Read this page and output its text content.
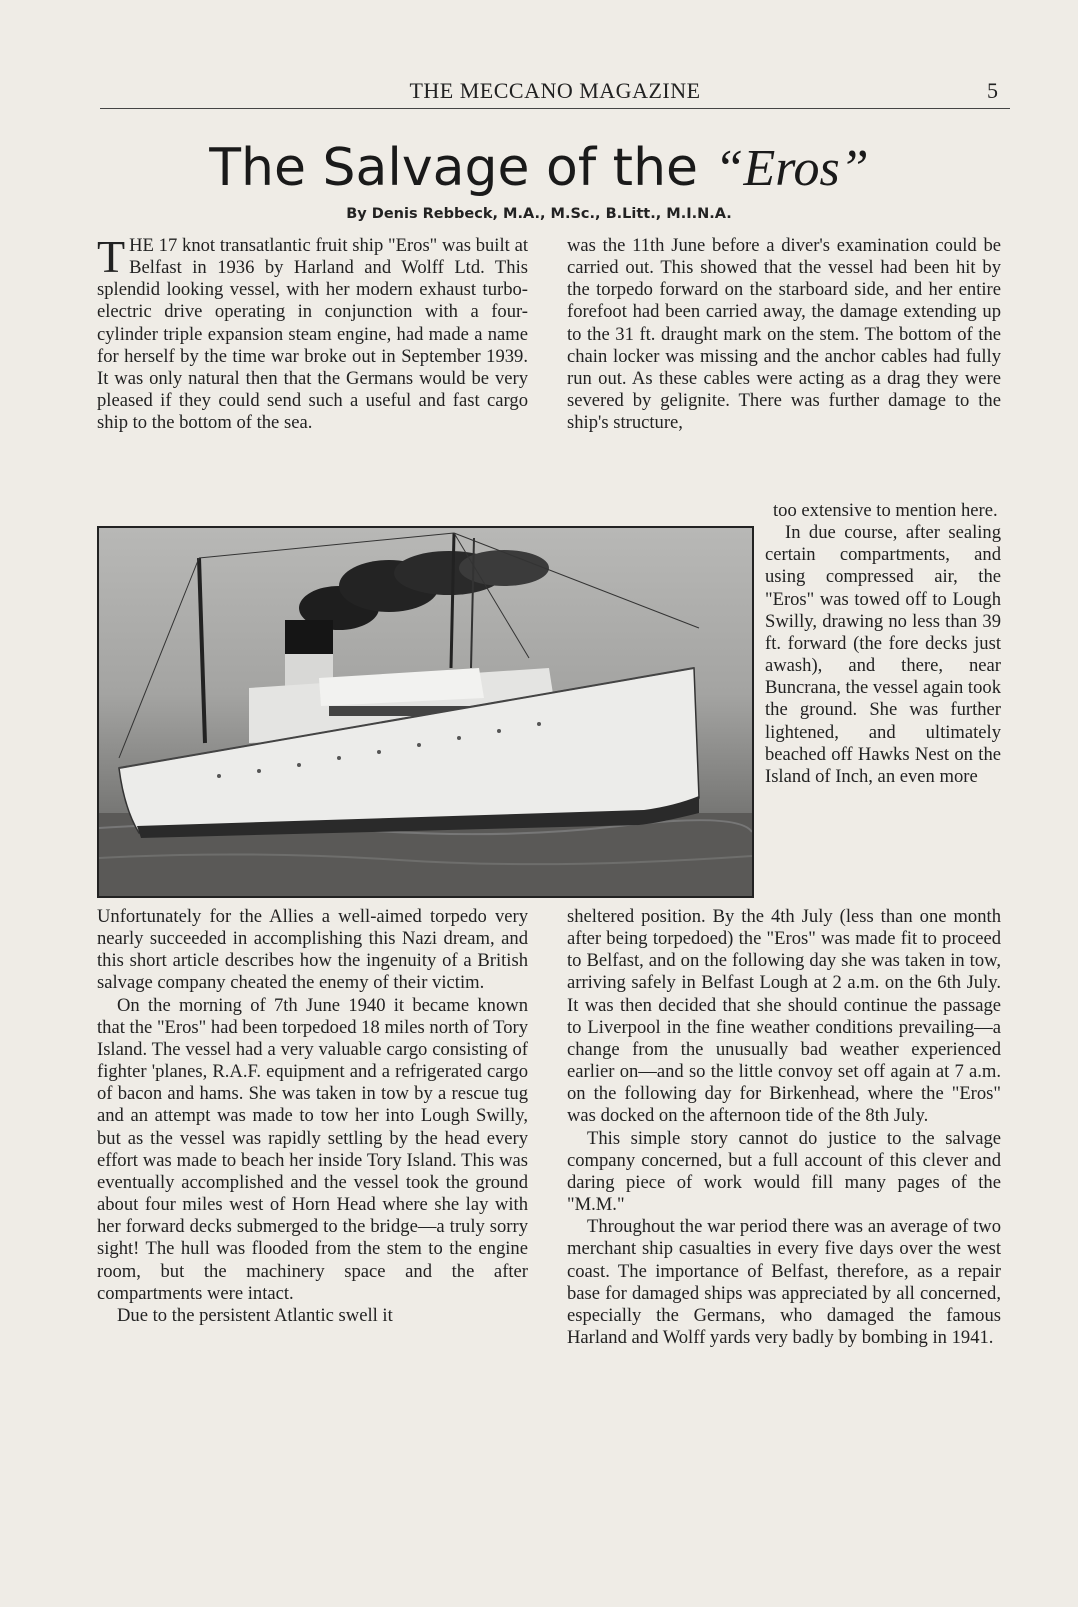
THE MECCANO MAGAZINE	5
The Salvage of the “Eros”
By Denis Rebbeck, M.A., M.Sc., B.Litt., M.I.N.A.

THE 17 knot transatlantic fruit ship "Eros" was built at Belfast in 1936 by Harland and Wolff Ltd. This splendid looking vessel, with her modern exhaust turbo-electric drive operating in conjunction with a four-cylinder triple expansion steam engine, had made a name for herself by the time war broke out in September 1939. It was only natural then that the Germans would be very pleased if they could send such a useful and fast cargo ship to the bottom of the sea.

was the 11th June before a diver's examination could be carried out. This showed that the vessel had been hit by the torpedo forward on the starboard side, and her entire forefoot had been carried away, the damage extending up to the 31 ft. draught mark on the stem. The bottom of the chain locker was missing and the anchor cables had fully run out. As these cables were acting as a drag they were severed by gelignite. There was further damage to the ship's structure,

too extensive to mention here.

In due course, after sealing certain compartments, and using compressed air, the "Eros" was towed off to Lough Swilly, drawing no less than 39 ft. forward (the fore decks just awash), and there, near Buncrana, the vessel again took the ground. She was further lightened, and ultimately beached off Hawks Nest on the Island of Inch, an even more

Unfortunately for the Allies a well-aimed torpedo very nearly succeeded in accomplishing this Nazi dream, and this short article describes how the ingenuity of a British salvage company cheated the enemy of their victim.

On the morning of 7th June 1940 it became known that the "Eros" had been torpedoed 18 miles north of Tory Island. The vessel had a very valuable cargo consisting of fighter 'planes, R.A.F. equipment and a refrigerated cargo of bacon and hams. She was taken in tow by a rescue tug and an attempt was made to tow her into Lough Swilly, but as the vessel was rapidly settling by the head every effort was made to beach her inside Tory Island. This was eventually accomplished and the vessel took the ground about four miles west of Horn Head where she lay with her forward decks submerged to the bridge—a truly sorry sight! The hull was flooded from the stem to the engine room, but the machinery space and the after compartments were intact.

Due to the persistent Atlantic swell it

sheltered position. By the 4th July (less than one month after being torpedoed) the "Eros" was made fit to proceed to Belfast, and on the following day she was taken in tow, arriving safely in Belfast Lough at 2 a.m. on the 6th July. It was then decided that she should continue the passage to Liverpool in the fine weather conditions prevailing—a change from the unusually bad weather experienced earlier on—and so the little convoy set off again at 7 a.m. on the following day for Birkenhead, where the "Eros" was docked on the afternoon tide of the 8th July.

This simple story cannot do justice to the salvage company concerned, but a full account of this clever and daring piece of work would fill many pages of the "M.M."

Throughout the war period there was an average of two merchant ship casualties in every five days over the west coast. The importance of Belfast, therefore, as a repair base for damaged ships was appreciated by all concerned, especially the Germans, who damaged the famous Harland and Wolff yards very badly by bombing in 1941.
